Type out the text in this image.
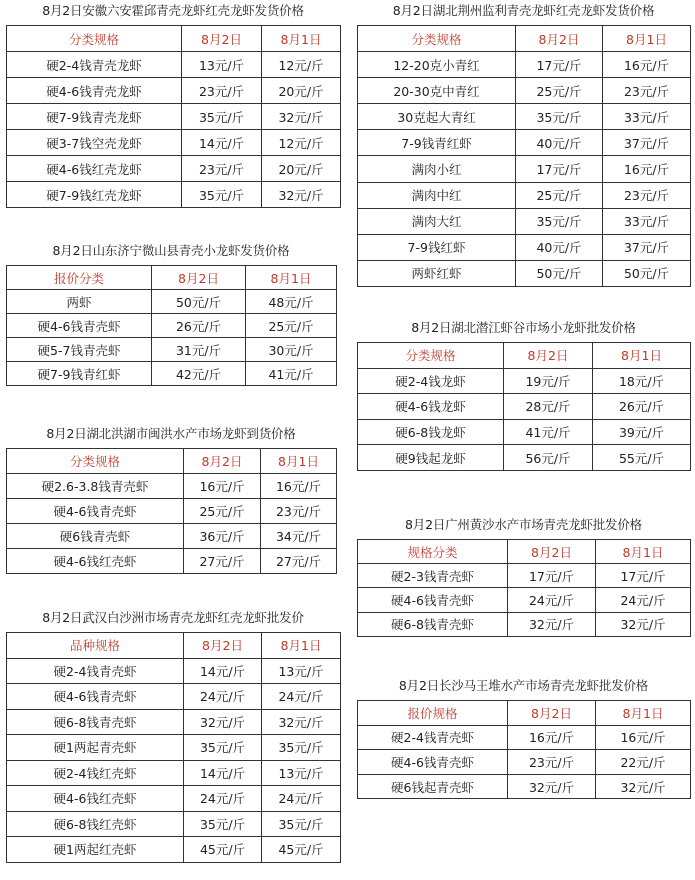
8月2日安徽六安霍邱青壳龙虾红壳龙虾发货价格
分类规格	8月2日	8月1日
硬2-4钱青壳龙虾	13元/斤	12元/斤
硬4-6钱青壳龙虾	23元/斤	20元/斤
硬7-9钱青壳龙虾	35元/斤	32元/斤
硬3-7钱空壳龙虾	14元/斤	12元/斤
硬4-6钱红壳龙虾	23元/斤	20元/斤
硬7-9钱红壳龙虾	35元/斤	32元/斤
8月2日山东济宁微山县青壳小龙虾发货价格
报价分类	8月2日	8月1日
两虾	50元/斤	48元/斤
硬4-6钱青壳虾	26元/斤	25元/斤
硬5-7钱青壳虾	31元/斤	30元/斤
硬7-9钱青红虾	42元/斤	41元/斤
8月2日湖北洪湖市闽洪水产市场龙虾到货价格
分类规格	8月2日	8月1日
硬2.6-3.8钱青壳虾	16元/斤	16元/斤
硬4-6钱青壳虾	25元/斤	23元/斤
硬6钱青壳虾	36元/斤	34元/斤
硬4-6钱红壳虾	27元/斤	27元/斤
8月2日武汉白沙洲市场青壳龙虾红壳龙虾批发价
品种规格	8月2日	8月1日
硬2-4钱青壳虾	14元/斤	13元/斤
硬4-6钱青壳虾	24元/斤	24元/斤
硬6-8钱青壳虾	32元/斤	32元/斤
硬1两起青壳虾	35元/斤	35元/斤
硬2-4钱红壳虾	14元/斤	13元/斤
硬4-6钱红壳虾	24元/斤	24元/斤
硬6-8钱红壳虾	35元/斤	35元/斤
硬1两起红壳虾	45元/斤	45元/斤
8月2日湖北荆州监利青壳龙虾红壳龙虾发货价格
分类规格	8月2日	8月1日
12-20克小青红	17元/斤	16元/斤
20-30克中青红	25元/斤	23元/斤
30克起大青红	35元/斤	33元/斤
7-9钱青红虾	40元/斤	37元/斤
满肉小红	17元/斤	16元/斤
满肉中红	25元/斤	23元/斤
满肉大红	35元/斤	33元/斤
7-9钱红虾	40元/斤	37元/斤
两虾红虾	50元/斤	50元/斤
8月2日湖北潜江虾谷市场小龙虾批发价格
分类规格	8月2日	8月1日
硬2-4钱龙虾	19元/斤	18元/斤
硬4-6钱龙虾	28元/斤	26元/斤
硬6-8钱龙虾	41元/斤	39元/斤
硬9钱起龙虾	56元/斤	55元/斤
8月2日广州黄沙水产市场青壳龙虾批发价格
规格分类	8月2日	8月1日
硬2-3钱青壳虾	17元/斤	17元/斤
硬4-6钱青壳虾	24元/斤	24元/斤
硬6-8钱青壳虾	32元/斤	32元/斤
8月2日长沙马王堆水产市场青壳龙虾批发价格
报价规格	8月2日	8月1日
硬2-4钱青壳虾	16元/斤	16元/斤
硬4-6钱青壳虾	23元/斤	22元/斤
硬6钱起青壳虾	32元/斤	32元/斤
